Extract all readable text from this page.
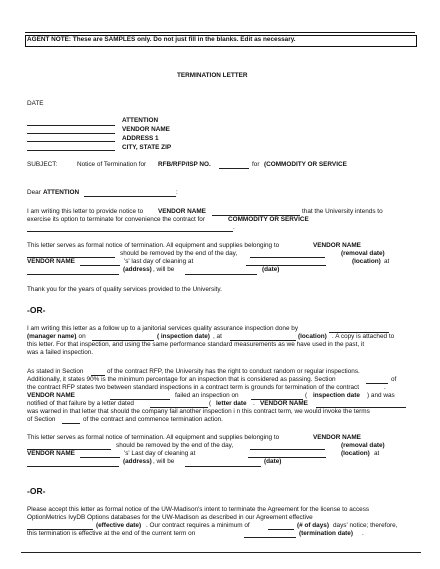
AGENT NOTE: These are SAMPLES only. Do not just fill in the blanks. Edit as necessary.
TERMINATION LETTER
DATE
ATTENTION
VENDOR NAME
ADDRESS 1
CITY, STATE ZIP
SUBJECT:	Notice of Termination for RFB/RFP/ISP NO.	for (COMMODITY OR SERVICE
Dear ATTENTION	:
I am writing this letter to provide notice to VENDOR NAME	that the University intends to
exercise its option to terminate for convenience the contract for	COMMODITY OR SERVICE
.
This letter serves as formal notice of termination. All equipment and supplies belonging to	VENDOR NAME
should be removed by the end of the day,	(removal date)
VENDOR NAME	's' last day of cleaning at	(location) at
(address) , will be	(date)
Thank you for the years of quality services provided to the University.
-OR-
I am writing this letter as a follow up to a janitorial services quality assurance inspection done by
(manager name)
, on	( inspection date) , at	(location) . A copy is attached to
this letter. For that inspection, and using the same performance standard measurements as we have used in the past, it
was a failed inspection.
As stated in Section	of the contract RFP, the University has the right to conduct random or regular inspections.
Additionally, it states 90% is the minimum percentage for an inspection that is considered as passing. Section	of
the contract RFP states two between standard inspections in a contract term is grounds for termination of the contract	.
VENDOR NAME	failed an inspection on	( inspection date ) and was
notified of that failure by a letter dated	( letter date . VENDOR NAME
was warned in that letter that should the company fail another inspection i n this contract term, we would invoke the terms
of Section	of the contract and commence termination action.
This letter serves as formal notice of termination. All equipment and supplies belonging to	VENDOR NAME
should be removed by the end of the day,	(removal date)
VENDOR NAME	's' Last day of cleaning at	(location) at
(address) , will be	(date)
-OR-
Please accept this letter as formal notice of the UW-Madison's intent to terminate the Agreement for the license to access
OptionMetrics IvyDB Options databases for the UW-Madison as described in our Agreement effective
(effective date) . Our contract requires a minimum of	(# of days) days' notice; therefore,
this termination is effective at the end of the current term on	(termination date) .
